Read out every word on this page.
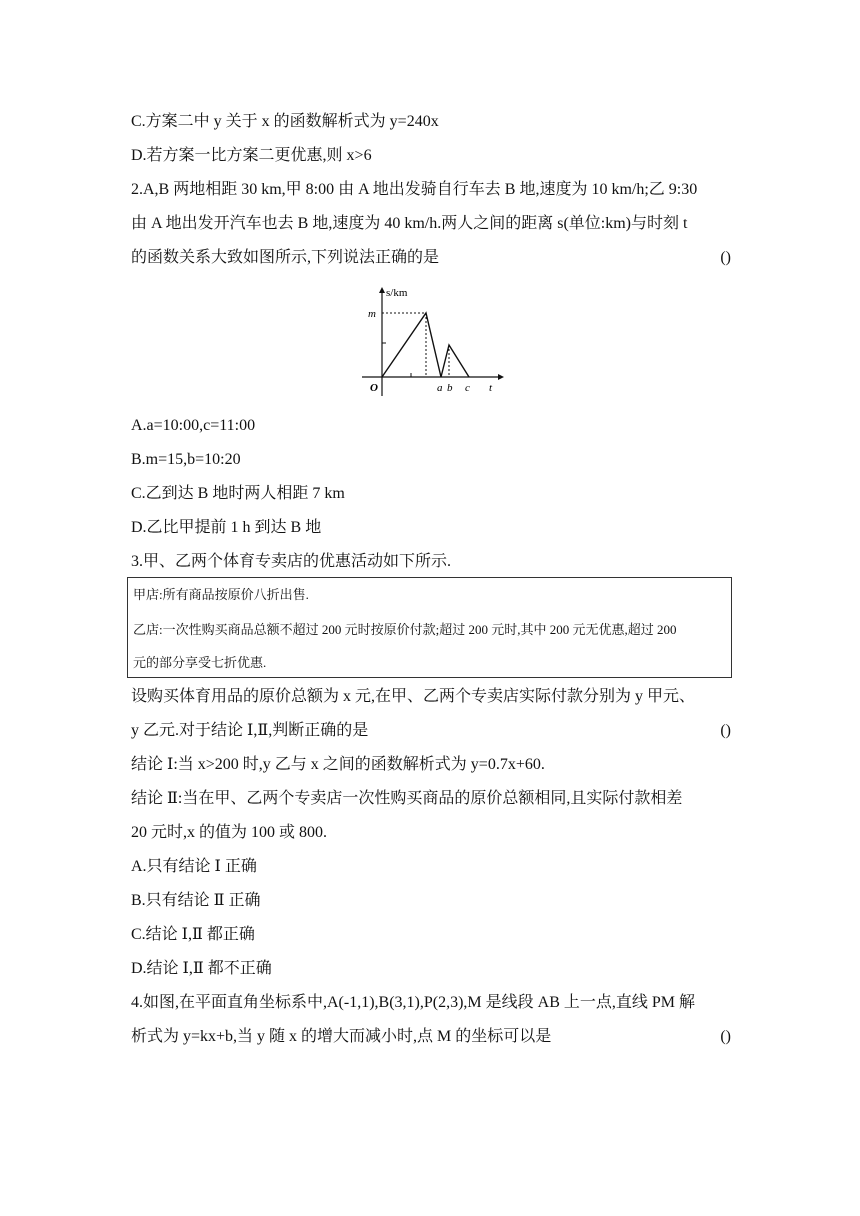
C.方案二中 y 关于 x 的函数解析式为 y=240x
D.若方案一比方案二更优惠,则 x>6
2.A,B 两地相距 30 km,甲 8:00 由 A 地出发骑自行车去 B 地,速度为 10 km/h;乙 9:30
由 A 地出发开汽车也去 B 地,速度为 40 km/h.两人之间的距离 s(单位:km)与时刻 t
的函数关系大致如图所示,下列说法正确的是	()
s/km
m
O	a b c t
A.a=10:00,c=11:00
B.m=15,b=10:20
C.乙到达 B 地时两人相距 7 km
D.乙比甲提前 1 h 到达 B 地
3.甲、乙两个体育专卖店的优惠活动如下所示.
甲店:所有商品按原价八折出售.
乙店:一次性购买商品总额不超过 200 元时按原价付款;超过 200 元时,其中 200 元无优惠,超过 200
元的部分享受七折优惠.
设购买体育用品的原价总额为 x 元,在甲、乙两个专卖店实际付款分别为 y 甲元、
y 乙元.对于结论 Ⅰ,Ⅱ,判断正确的是	()
结论 Ⅰ:当 x>200 时,y 乙与 x 之间的函数解析式为 y=0.7x+60.
结论 Ⅱ:当在甲、乙两个专卖店一次性购买商品的原价总额相同,且实际付款相差
20 元时,x 的值为 100 或 800.
A.只有结论 Ⅰ 正确
B.只有结论 Ⅱ 正确
C.结论 Ⅰ,Ⅱ 都正确
D.结论 Ⅰ,Ⅱ 都不正确
4.如图,在平面直角坐标系中,A(-1,1),B(3,1),P(2,3),M 是线段 AB 上一点,直线 PM 解
析式为 y=kx+b,当 y 随 x 的增大而减小时,点 M 的坐标可以是	()
